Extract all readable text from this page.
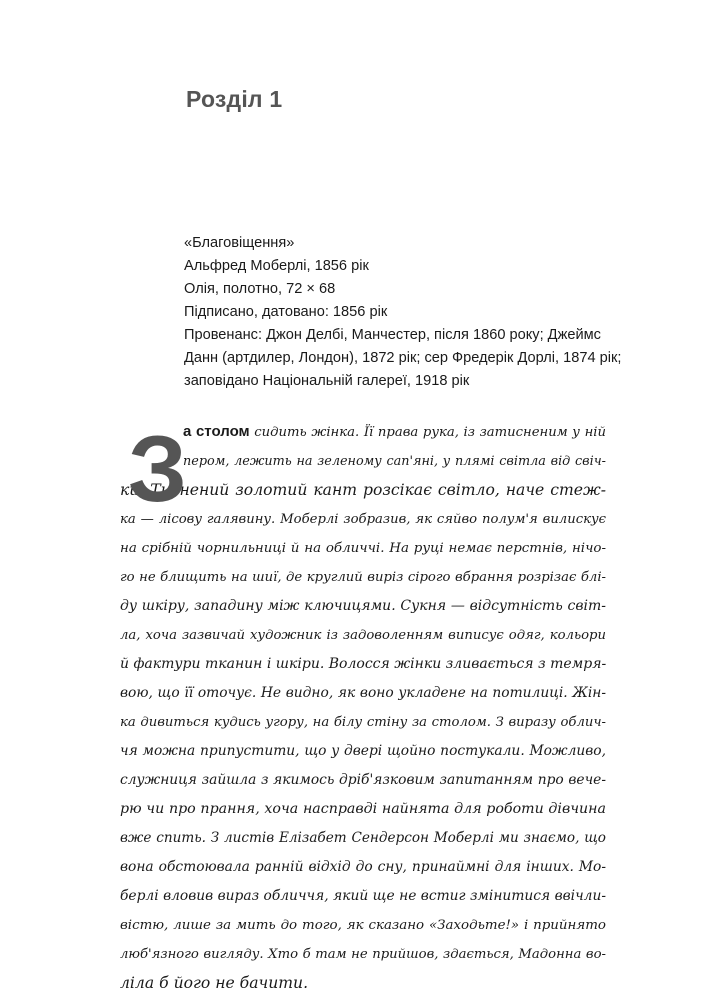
Розділ 1
«Благовіщення»
Альфред Моберлі, 1856 рік
Олія, полотно, 72 × 68
Підписано, датовано: 1856 рік
Провенанс: Джон Делбі, Манчестер, після 1860 року; Джеймс
Данн (артдилер, Лондон), 1872 рік; сер Фредерік Дорлі, 1874 рік;
заповідано Національній галереї, 1918 рік
З
а столом сидить жінка. Її права рука, із затисненим у ній
пером, лежить на зеленому сап'яні, у плямі світла від свіч-
ки. Тиснений золотий кант розсікає світло, наче стеж-
ка — лісову галявину. Моберлі зобразив, як сяйво полум'я вилискує
на срібній чорнильниці й на обличчі. На руці немає перстнів, нічо-
го не блищить на шиї, де круглий виріз сірого вбрання розрізає блі-
ду шкіру, западину між ключицями. Сукня — відсутність світ-
ла, хоча зазвичай художник із задоволенням виписує одяг, кольори
й фактури тканин і шкіри. Волосся жінки зливається з темря-
вою, що її оточує. Не видно, як воно укладене на потилиці. Жін-
ка дивиться кудись угору, на білу стіну за столом. З виразу облич-
чя можна припустити, що у двері щойно постукали. Можливо,
служниця зайшла з якимось дріб'язковим запитанням про вече-
рю чи про прання, хоча насправді найнята для роботи дівчина
вже спить. З листів Елізабет Сендерсон Моберлі ми знаємо, що
вона обстоювала ранній відхід до сну, принаймні для інших. Мо-
берлі вловив вираз обличчя, який ще не встиг змінитися ввічли-
вістю, лише за мить до того, як сказано «Заходьте!» і прийнято
люб'язного вигляду. Хто б там не прийшов, здається, Мадонна во-
ліла б його не бачити.
